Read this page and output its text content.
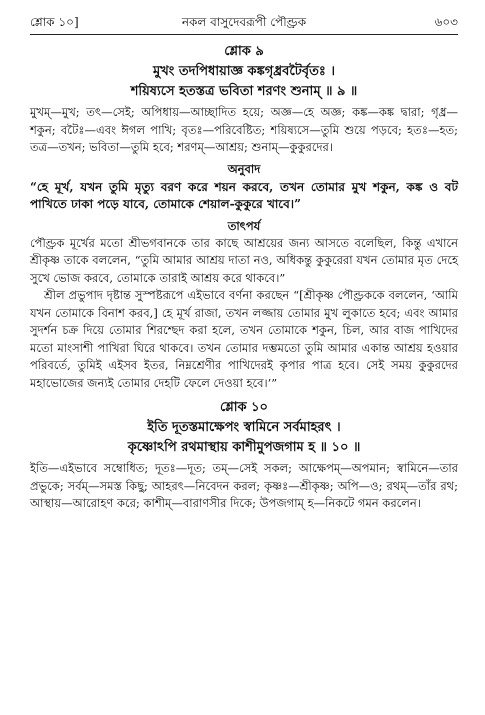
শ্লোক ১০]	নকল বাসুদেবরূপী পৌণ্ড্রক	৬০৩

শ্লোক ৯

মুখং তদপিধায়াজ্ঞ কঙ্কগৃধ্রবটৈর্বৃতঃ ।

শয়িষ্যসে হতস্তত্র ভবিতা শরণং শুনাম্ ॥ ৯ ॥

মুখম্—মুখ; তৎ—সেই; অপিধায়—আচ্ছাদিত হয়ে; অজ্ঞ—হে অজ্ঞ; কঙ্ক—কঙ্ক দ্বারা; গৃধ্র—শকুন; বটৈঃ—এবং ঈগল পাখি; বৃতঃ—পরিবেষ্টিত; শয়িষ্যসে—তুমি শুয়ে পড়বে; হতঃ—হত; তত্র—তখন; ভবিতা—তুমি হবে; শরণম্—আশ্রয়; শুনাম্—কুকুরদের।

অনুবাদ

“হে মূর্খ, যখন তুমি মৃত্যু বরণ করে শয়ন করবে, তখন তোমার মুখ শকুন, কঙ্ক ও বট পাখিতে ঢাকা পড়ে যাবে, তোমাকে শেয়াল-কুকুরে খাবে।”

তাৎপর্য

পৌণ্ড্রক মূর্খের মতো শ্রীভগবানকে তার কাছে আশ্রয়ের জন্য আসতে বলেছিল, কিন্তু এখানে শ্রীকৃষ্ণ তাকে বললেন, “তুমি আমার আশ্রয় দাতা নও, অধিকন্তু কুকুরেরা যখন তোমার মৃত দেহে সুখে ভোজ করবে, তোমাকে তারাই আশ্রয় করে থাকবে।”

শ্রীল প্রভুপাদ দৃষ্টান্ত সুস্পষ্টরূপে এইভাবে বর্ণনা করছেন “[শ্রীকৃষ্ণ পৌণ্ড্রককে বললেন, ‘আমি যখন তোমাকে বিনাশ করব,] হে মূর্খ রাজা, তখন লজ্জায় তোমার মুখ লুকাতে হবে; এবং আমার সুদর্শন চক্র দিয়ে তোমার শিরশ্ছেদ করা হলে, তখন তোমাকে শকুন, চিল, আর বাজ পাখিদের মতো মাংসাশী পাখিরা ঘিরে থাকবে। তখন তোমার দম্ভমতো তুমি আমার একান্ত আশ্রয় হওয়ার পরিবর্তে, তুমিই এইসব ইতর, নিম্নশ্রেণীর পাখিদেরই কৃপার পাত্র হবে। সেই সময় কুকুরদের মহাভোজের জন্যই তোমার দেহটি ফেলে দেওয়া হবে।’”

শ্লোক ১০

ইতি দূতস্তমাক্ষেপং স্বামিনে সর্বমাহরৎ ।

কৃষ্ণোঽপি রথমাস্থায় কাশীমুপজগাম হ ॥ ১০ ॥

ইতি—এইভাবে সম্বোধিত; দূতঃ—দূত; তম্—সেই সকল; আক্ষেপম্—অপমান; স্বামিনে—তার প্রভুকে; সর্বম্—সমস্ত কিছু; আহরৎ—নিবেদন করল; কৃষ্ণঃ—শ্রীকৃষ্ণ; অপি—ও; রথম্—তাঁর রথ; আস্থায়—আরোহণ করে; কাশীম্—বারাণসীর দিকে; উপজগাম্ হ—নিকটে গমন করলেন।
